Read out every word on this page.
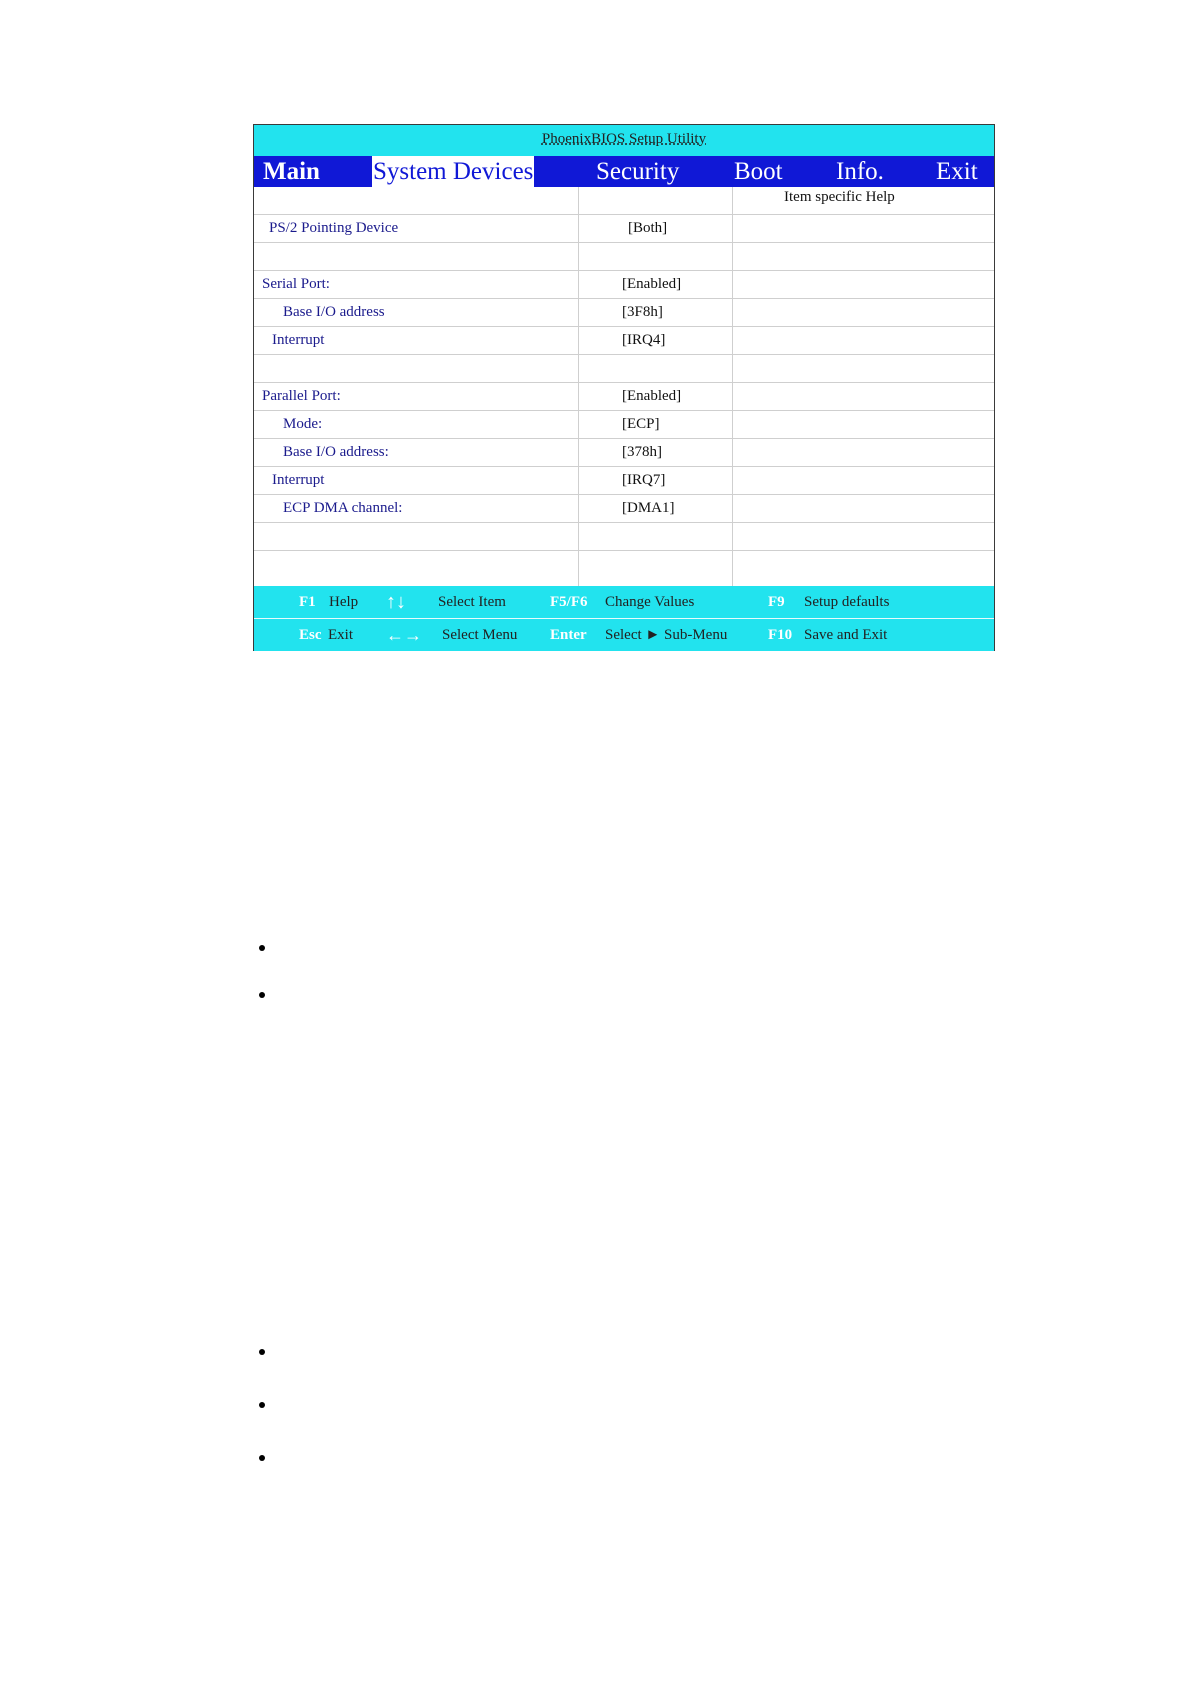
PhoenixBIOS Setup Utility
Main System Devices	Security Boot Info. Exit
Item specific Help
PS/2 Pointing Device	[Both]
Serial Port:	[Enabled]
Base I/O address	[3F8h]
Interrupt	[IRQ4]
Parallel Port:	[Enabled]
Mode:	[ECP]
Base I/O address:	[378h]
Interrupt	[IRQ7]
ECP DMA channel:	[DMA1]
F1 Help ↑↓ Select Item	F5/F6 Change Values	F9 Setup defaults
Esc Exit ←→ Select Menu Enter Select ► Sub-Menu	F10 Save and Exit
